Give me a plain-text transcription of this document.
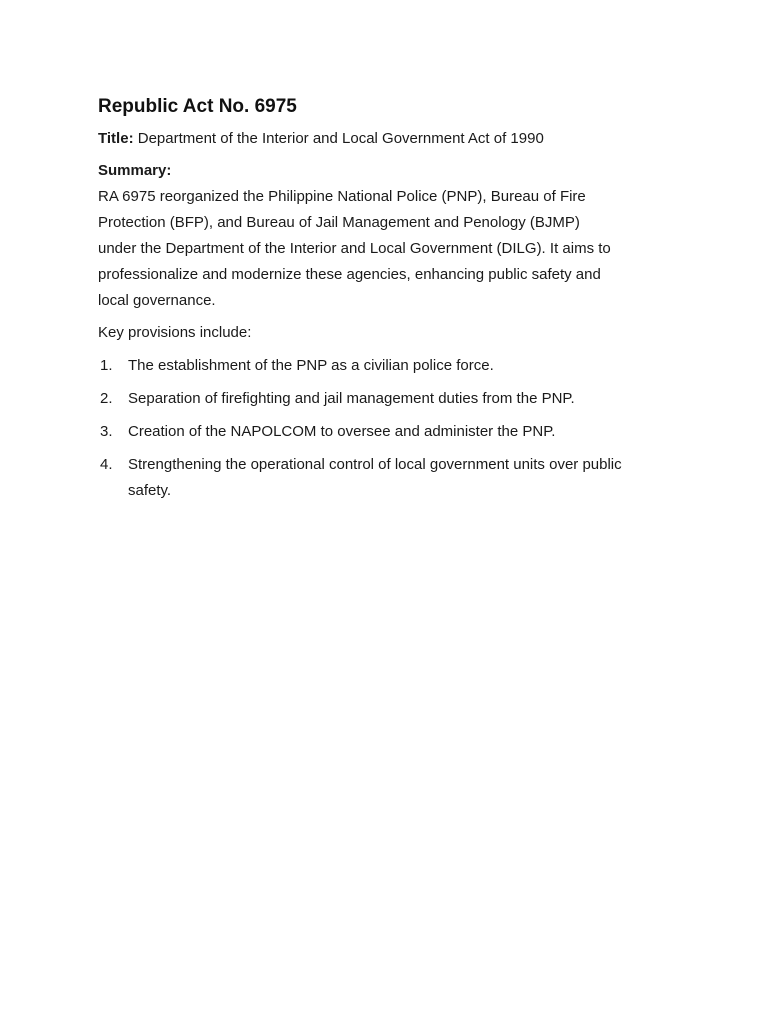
Republic Act No. 6975

Title: Department of the Interior and Local Government Act of 1990

Summary:

RA 6975 reorganized the Philippine National Police (PNP), Bureau of Fire Protection (BFP), and Bureau of Jail Management and Penology (BJMP) under the Department of the Interior and Local Government (DILG). It aims to professionalize and modernize these agencies, enhancing public safety and local governance.

Key provisions include:

1.	The establishment of the PNP as a civilian police force.
2.	Separation of firefighting and jail management duties from the PNP.
3.	Creation of the NAPOLCOM to oversee and administer the PNP.
4.	Strengthening the operational control of local government units over public safety.
